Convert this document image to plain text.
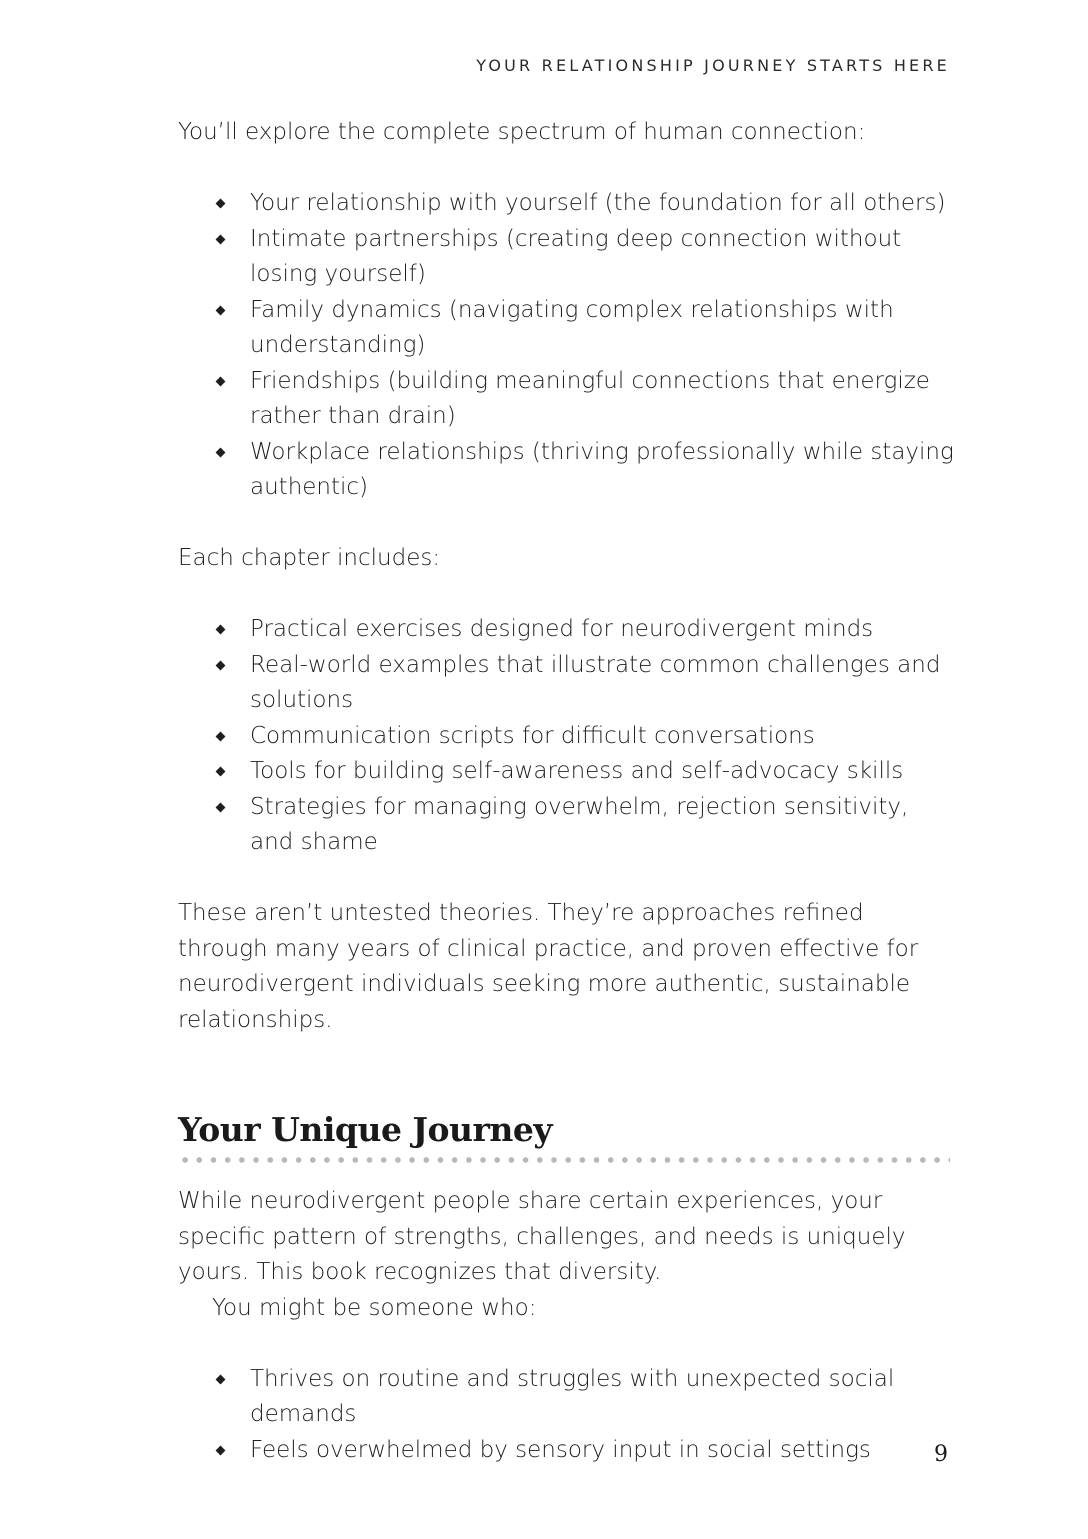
YOUR RELATIONSHIP JOURNEY STARTS HERE

You’ll explore the complete spectrum of human connection:

Your relationship with yourself (the foundation for all others)
Intimate partnerships (creating deep connection without losing yourself)
Family dynamics (navigating complex relationships with understanding)
Friendships (building meaningful connections that energize rather than drain)
Workplace relationships (thriving professionally while staying authentic)

Each chapter includes:

Practical exercises designed for neurodivergent minds
Real-world examples that illustrate common challenges and solutions
Communication scripts for difficult conversations
Tools for building self-awareness and self-advocacy skills
Strategies for managing overwhelm, rejection sensitivity, and shame

These aren’t untested theories. They’re approaches refined through many years of clinical practice, and proven effective for neurodivergent individuals seeking more authentic, sustainable relationships.

Your Unique Journey

While neurodivergent people share certain experiences, your specific pattern of strengths, challenges, and needs is uniquely yours. This book recognizes that diversity.

You might be someone who:

Thrives on routine and struggles with unexpected social demands
Feels overwhelmed by sensory input in social settings	9
